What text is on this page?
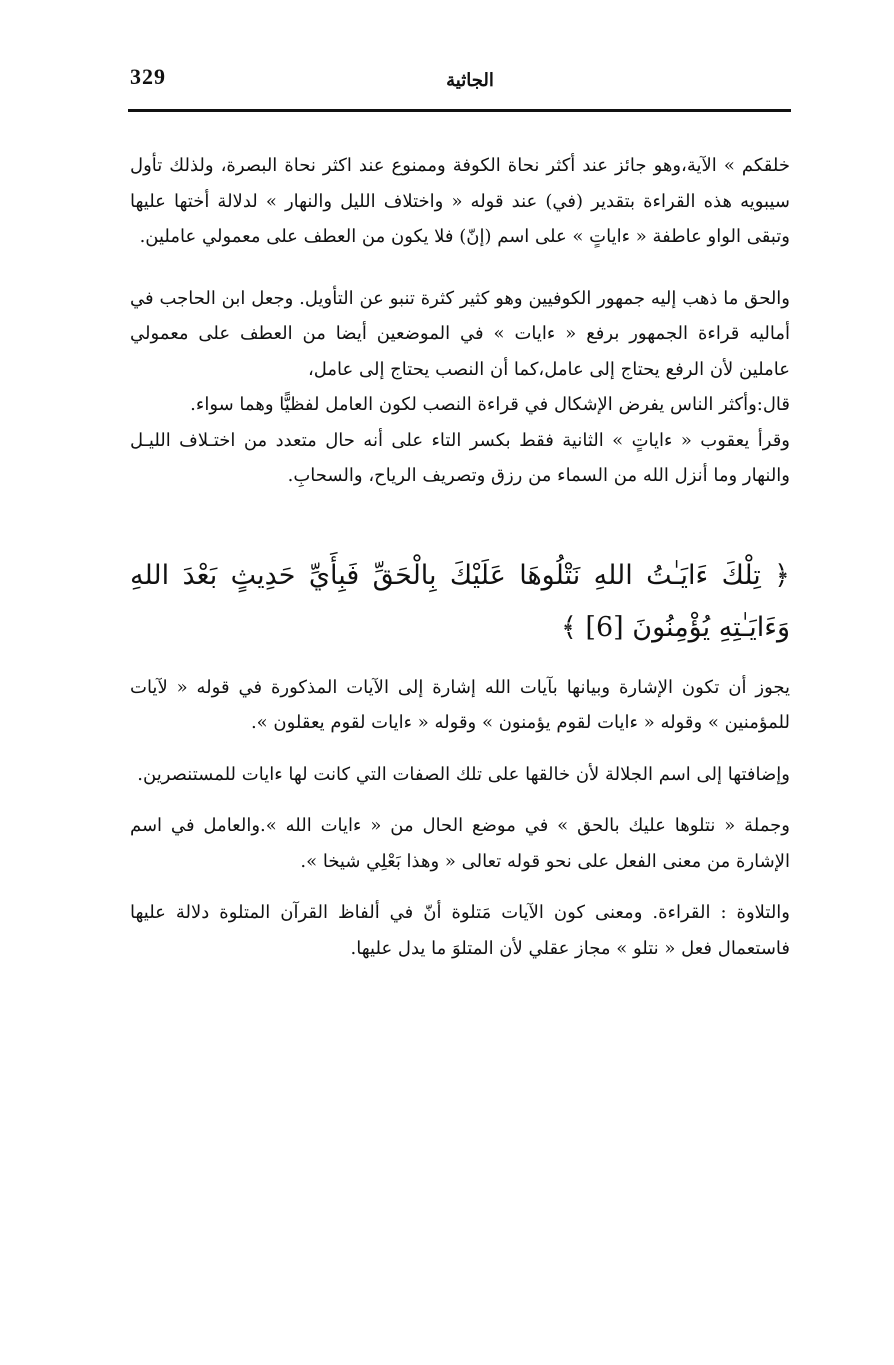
329	الجاثية

خلقكم » الآية،وهو جائز عند أكثر نحاة الكوفة وممنوع عند اكثر نحاة البصرة، ولذلك تأول سيبويه هذه القراءة بتقدير (في) عند قوله « واختلاف الليل والنهار » لدلالة أختها عليها وتبقى الواو عاطفة « ءاياتٍ » على اسم (إنّ) فلا يكون من العطف على معمولي عاملين.

والحق ما ذهب إليه جمهور الكوفيين وهو كثير كثرة تنبو عن التأويل. وجعل ابن الحاجب في أماليه قراءة الجمهور برفع « ءايات » في الموضعين أيضا من العطف على معمولي عاملين لأن الرفع يحتاج إلى عامل،كما أن النصب يحتاج إلى عامل،

قال:وأكثر الناس يفرض الإشكال في قراءة النصب لكون العامل لفظيًّا وهما سواء.

وقرأ يعقوب « ءاياتٍ » الثانية فقط بكسر التاء على أنه حال متعدد من اختـلاف الليـل والنهار وما أنزل الله من السماء من رزق وتصريف الرياح، والسحابِ.

﴿ تِلْكَ ءَايَـٰتُ اللهِ نَتْلُوهَا عَلَيْكَ بِالْحَقِّ فَبِأَيِّ حَدِيثٍ بَعْدَ اللهِ وَءَايَـٰتِهِ يُؤْمِنُونَ [6] ﴾

يجوز أن تكون الإشارة وبيانها بآيات الله إشارة إلى الآيات المذكورة في قوله « لآيات للمؤمنين » وقوله « ءايات لقوم يؤمنون » وقوله « ءايات لقوم يعقلون ».

وإضافتها إلى اسم الجلالة لأن خالقها على تلك الصفات التي كانت لها ءايات للمستنصرين.

وجملة « نتلوها عليك بالحق » في موضع الحال من « ءايات الله ».والعامل في اسم الإشارة من معنى الفعل على نحو قوله تعالى « وهذا بَعْلِي شيخا ».

والتلاوة : القراءة. ومعنى كون الآيات مَتلوة أنّ في ألفاظ القرآن المتلوة دلالة عليها فاستعمال فعل « نتلو » مجاز عقلي لأن المتلوَ ما يدل عليها.
